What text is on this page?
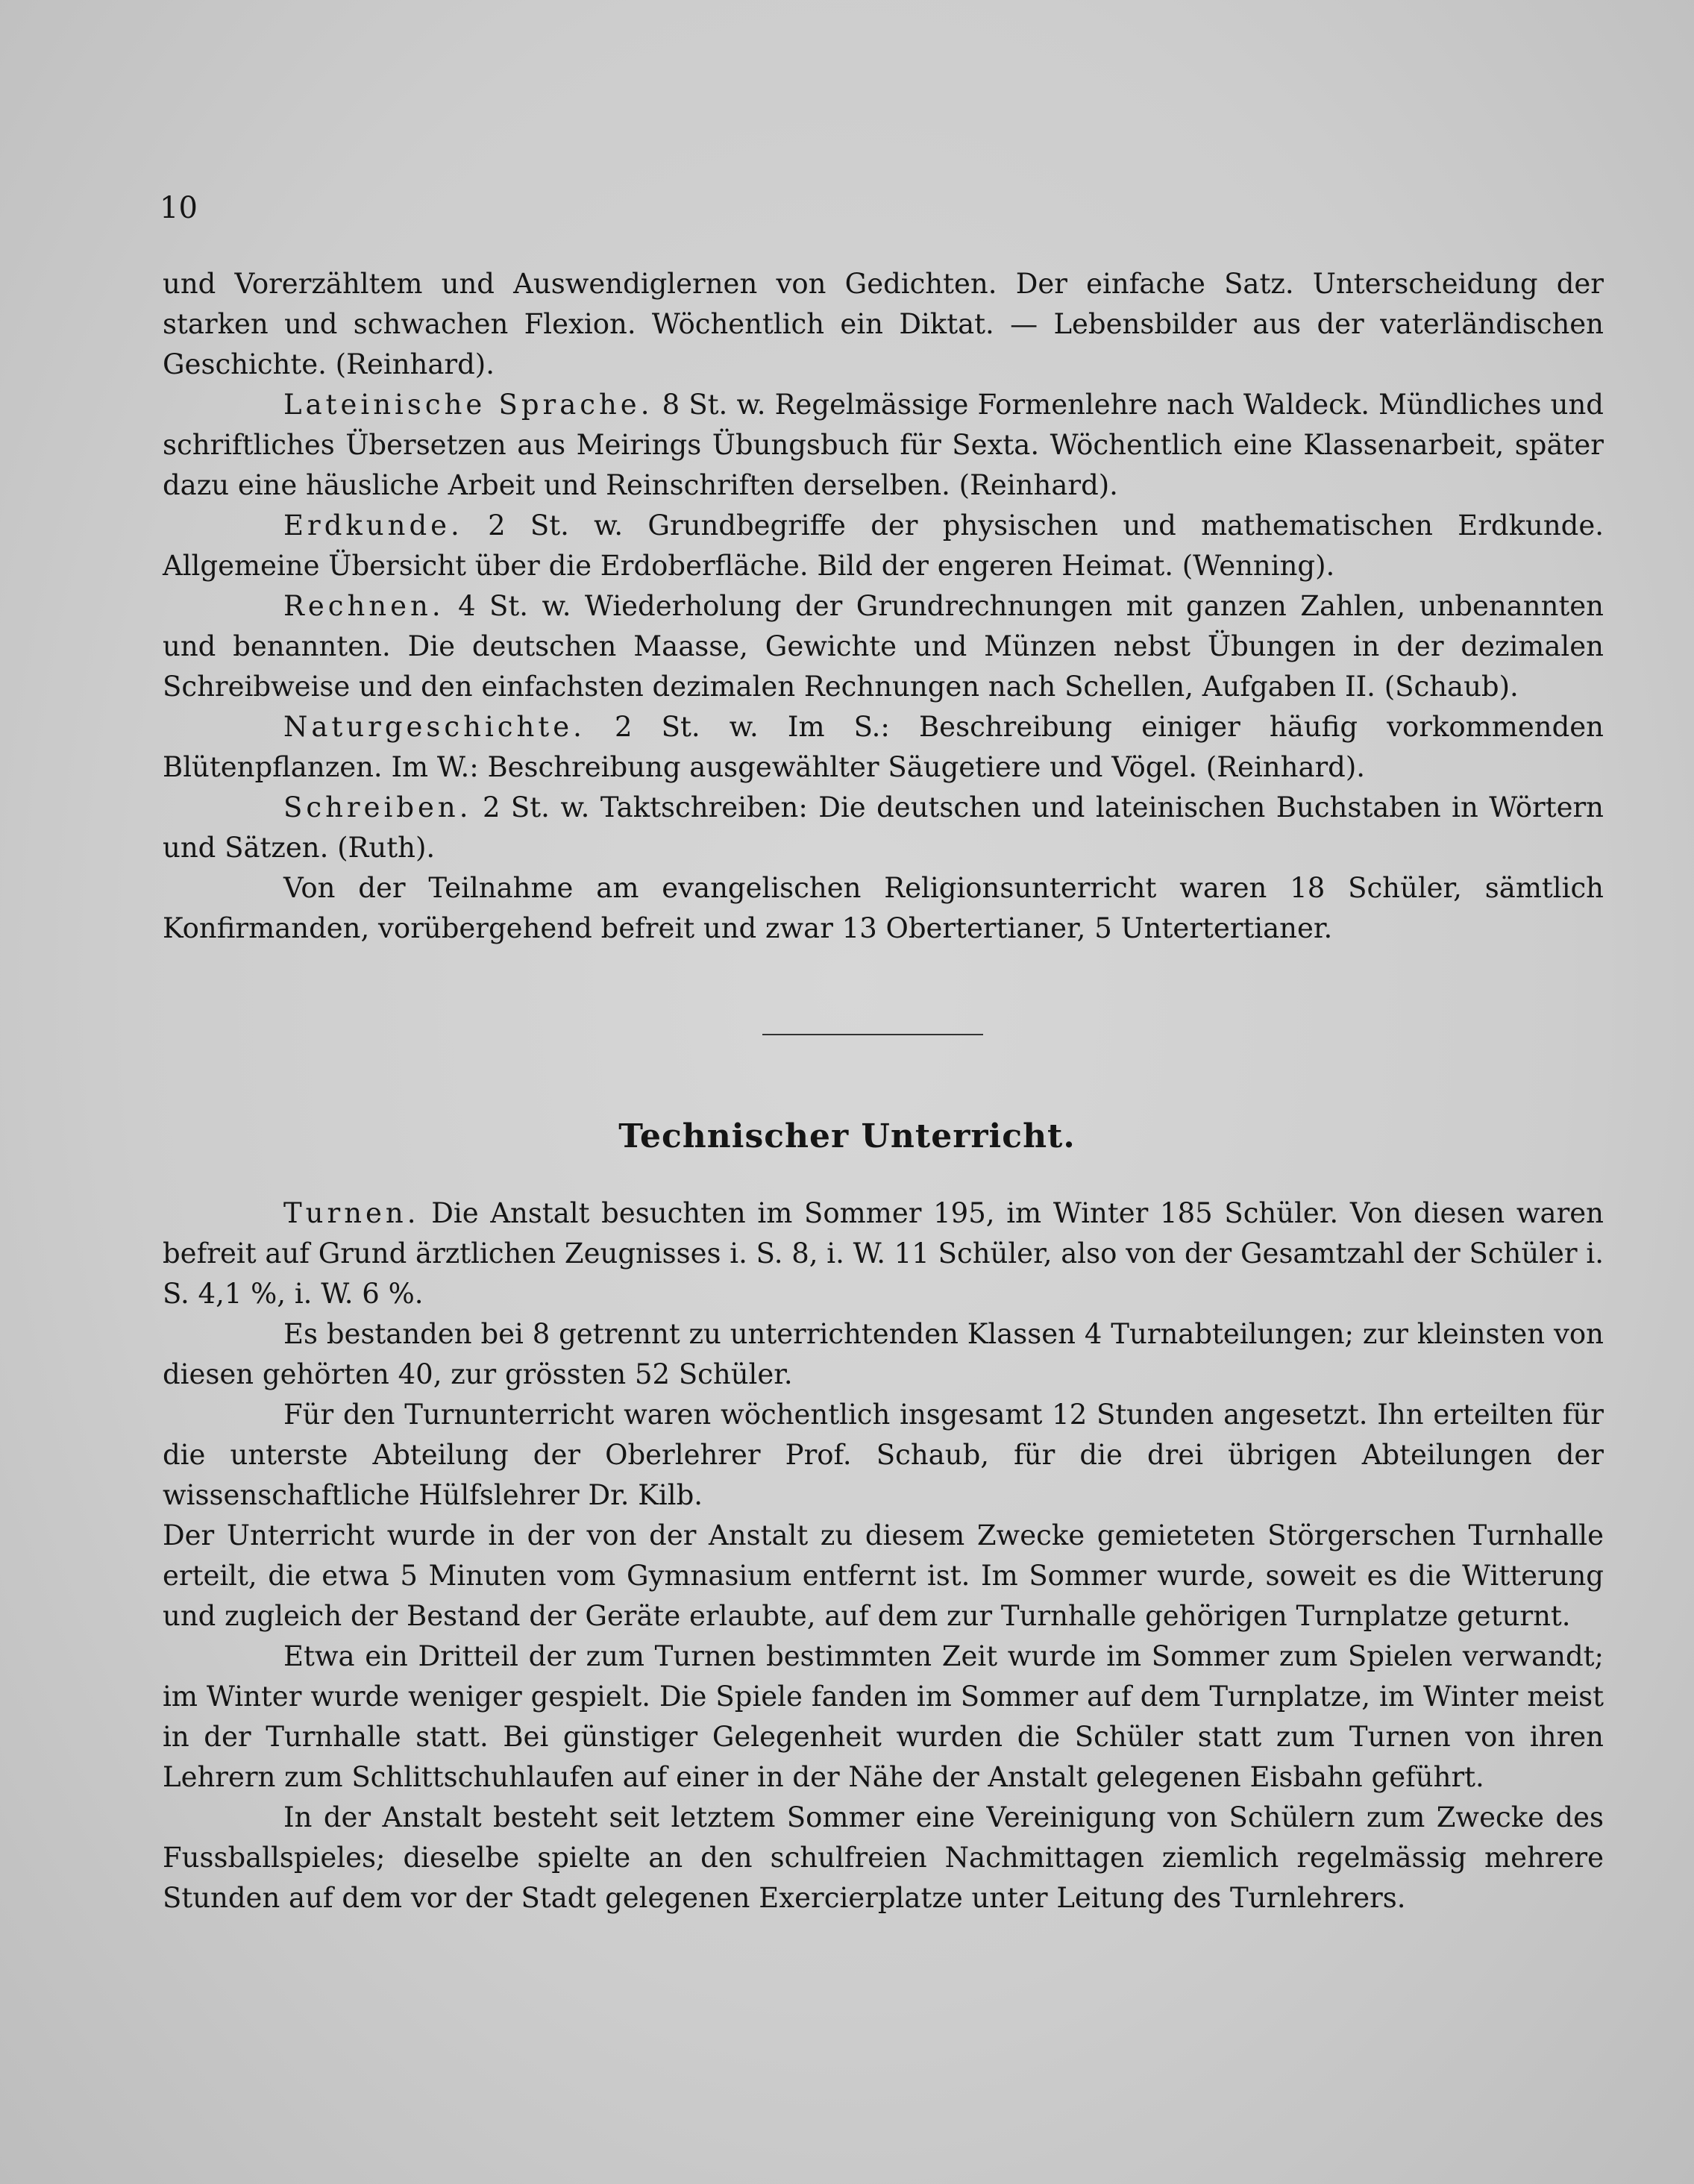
10

und Vorerzähltem und Auswendiglernen von Gedichten. Der einfache Satz. Unterscheidung der starken und schwachen Flexion. Wöchentlich ein Diktat. — Lebensbilder aus der vaterländischen Geschichte. (Reinhard).

Lateinische Sprache. 8 St. w. Regelmässige Formenlehre nach Waldeck. Mündliches und schriftliches Übersetzen aus Meirings Übungsbuch für Sexta. Wöchentlich eine Klassenarbeit, später dazu eine häusliche Arbeit und Reinschriften derselben. (Reinhard).

Erdkunde. 2 St. w. Grundbegriffe der physischen und mathematischen Erdkunde. Allgemeine Übersicht über die Erdoberfläche. Bild der engeren Heimat. (Wenning).

Rechnen. 4 St. w. Wiederholung der Grundrechnungen mit ganzen Zahlen, unbenannten und benannten. Die deutschen Maasse, Gewichte und Münzen nebst Übungen in der dezimalen Schreibweise und den einfachsten dezimalen Rechnungen nach Schellen, Aufgaben II. (Schaub).

Naturgeschichte. 2 St. w. Im S.: Beschreibung einiger häufig vorkommenden Blütenpflanzen. Im W.: Beschreibung ausgewählter Säugetiere und Vögel. (Reinhard).

Schreiben. 2 St. w. Taktschreiben: Die deutschen und lateinischen Buchstaben in Wörtern und Sätzen. (Ruth).

Von der Teilnahme am evangelischen Religionsunterricht waren 18 Schüler, sämtlich Konfirmanden, vorübergehend befreit und zwar 13 Obertertianer, 5 Untertertianer.

Technischer Unterricht.

Turnen. Die Anstalt besuchten im Sommer 195, im Winter 185 Schüler. Von diesen waren befreit auf Grund ärztlichen Zeugnisses i. S. 8, i. W. 11 Schüler, also von der Gesamtzahl der Schüler i. S. 4,1 %, i. W. 6 %.

Es bestanden bei 8 getrennt zu unterrichtenden Klassen 4 Turnabteilungen; zur kleinsten von diesen gehörten 40, zur grössten 52 Schüler.

Für den Turnunterricht waren wöchentlich insgesamt 12 Stunden angesetzt. Ihn erteilten für die unterste Abteilung der Oberlehrer Prof. Schaub, für die drei übrigen Abteilungen der wissenschaftliche Hülfslehrer Dr. Kilb.

Der Unterricht wurde in der von der Anstalt zu diesem Zwecke gemieteten Störgerschen Turnhalle erteilt, die etwa 5 Minuten vom Gymnasium entfernt ist. Im Sommer wurde, soweit es die Witterung und zugleich der Bestand der Geräte erlaubte, auf dem zur Turnhalle gehörigen Turnplatze geturnt.

Etwa ein Dritteil der zum Turnen bestimmten Zeit wurde im Sommer zum Spielen verwandt; im Winter wurde weniger gespielt. Die Spiele fanden im Sommer auf dem Turnplatze, im Winter meist in der Turnhalle statt. Bei günstiger Gelegenheit wurden die Schüler statt zum Turnen von ihren Lehrern zum Schlittschuhlaufen auf einer in der Nähe der Anstalt gelegenen Eisbahn geführt.

In der Anstalt besteht seit letztem Sommer eine Vereinigung von Schülern zum Zwecke des Fussballspieles; dieselbe spielte an den schulfreien Nachmittagen ziemlich regelmässig mehrere Stunden auf dem vor der Stadt gelegenen Exercierplatze unter Leitung des Turnlehrers.
